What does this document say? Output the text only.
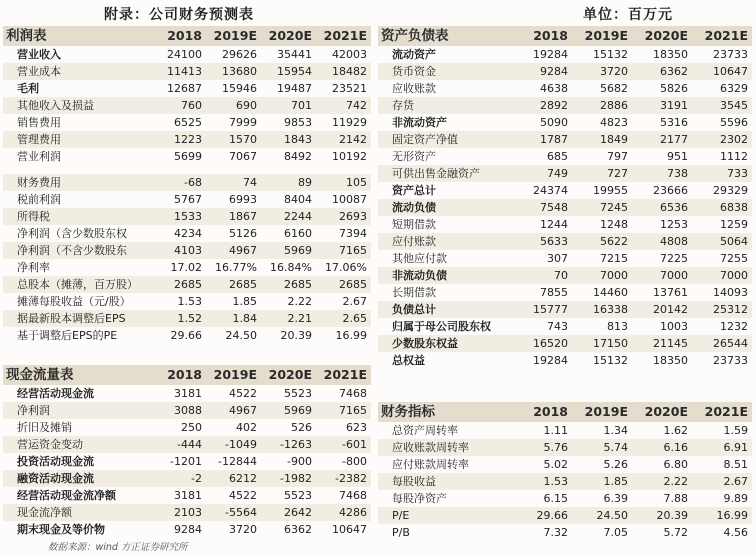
附录：公司财务预测表	单位：百万元
利润表	2018	2019E	2020E	2021E
营业收入	24100	29626	35441	42003
营业成本	11413	13680	15954	18482
毛利	12687	15946	19487	23521
其他收入及损益	760	690	701	742
销售费用	6525	7999	9853	11929
管理费用	1223	1570	1843	2142
营业利润	5699	7067	8492	10192

财务费用	-68	74	89	105
税前利润	5767	6993	8404	10087
所得税	1533	1867	2244	2693
净利润（含少数股东权	4234	5126	6160	7394
净利润（不含少数股东	4103	4967	5969	7165
净利率	17.02	16.77%	16.84%	17.06%
总股本（摊薄，百万股）	2685	2685	2685	2685
摊薄每股收益（元/股）	1.53	1.85	2.22	2.67
据最新股本调整后EPS	1.52	1.84	2.21	2.65
基于调整后EPS的PE	29.66	24.50	20.39	16.99
现金流量表	2018	2019E	2020E	2021E
经营活动现金流	3181	4522	5523	7468
净利润	3088	4967	5969	7165
折旧及摊销	250	402	526	623
营运资金变动	-444	-1049	-1263	-601
投资活动现金流	-1201	-12844	-900	-800
融资活动现金流	-2	6212	-1982	-2382
经营活动现金流净额	3181	4522	5523	7468
现金流净额	2103	-5564	2642	4286
期末现金及等价物	9284	3720	6362	10647
资产负债表	2018	2019E	2020E	2021E
流动资产	19284	15132	18350	23733
货币资金	9284	3720	6362	10647
应收账款	4638	5682	5826	6329
存货	2892	2886	3191	3545
非流动资产	5090	4823	5316	5596
固定资产净值	1787	1849	2177	2302
无形资产	685	797	951	1112
可供出售金融资产	749	727	738	733
资产总计	24374	19955	23666	29329
流动负债	7548	7245	6536	6838
短期借款	1244	1248	1253	1259
应付账款	5633	5622	4808	5064
其他应付款	307	7215	7225	7255
非流动负债	70	7000	7000	7000
长期借款	7855	14460	13761	14093
负债总计	15777	16338	20142	25312
归属于母公司股东权	743	813	1003	1232
少数股东权益	16520	17150	21145	26544
总权益	19284	15132	18350	23733
财务指标	2018	2019E	2020E	2021E
总资产周转率	1.11	1.34	1.62	1.59
应收账款周转率	5.76	5.74	6.16	6.91
应付账款周转率	5.02	5.26	6.80	8.51
每股收益	1.53	1.85	2.22	2.67
每股净资产	6.15	6.39	7.88	9.89
P/E	29.66	24.50	20.39	16.99
P/B	7.32	7.05	5.72	4.56
数据来源：wind 方正证券研究所
